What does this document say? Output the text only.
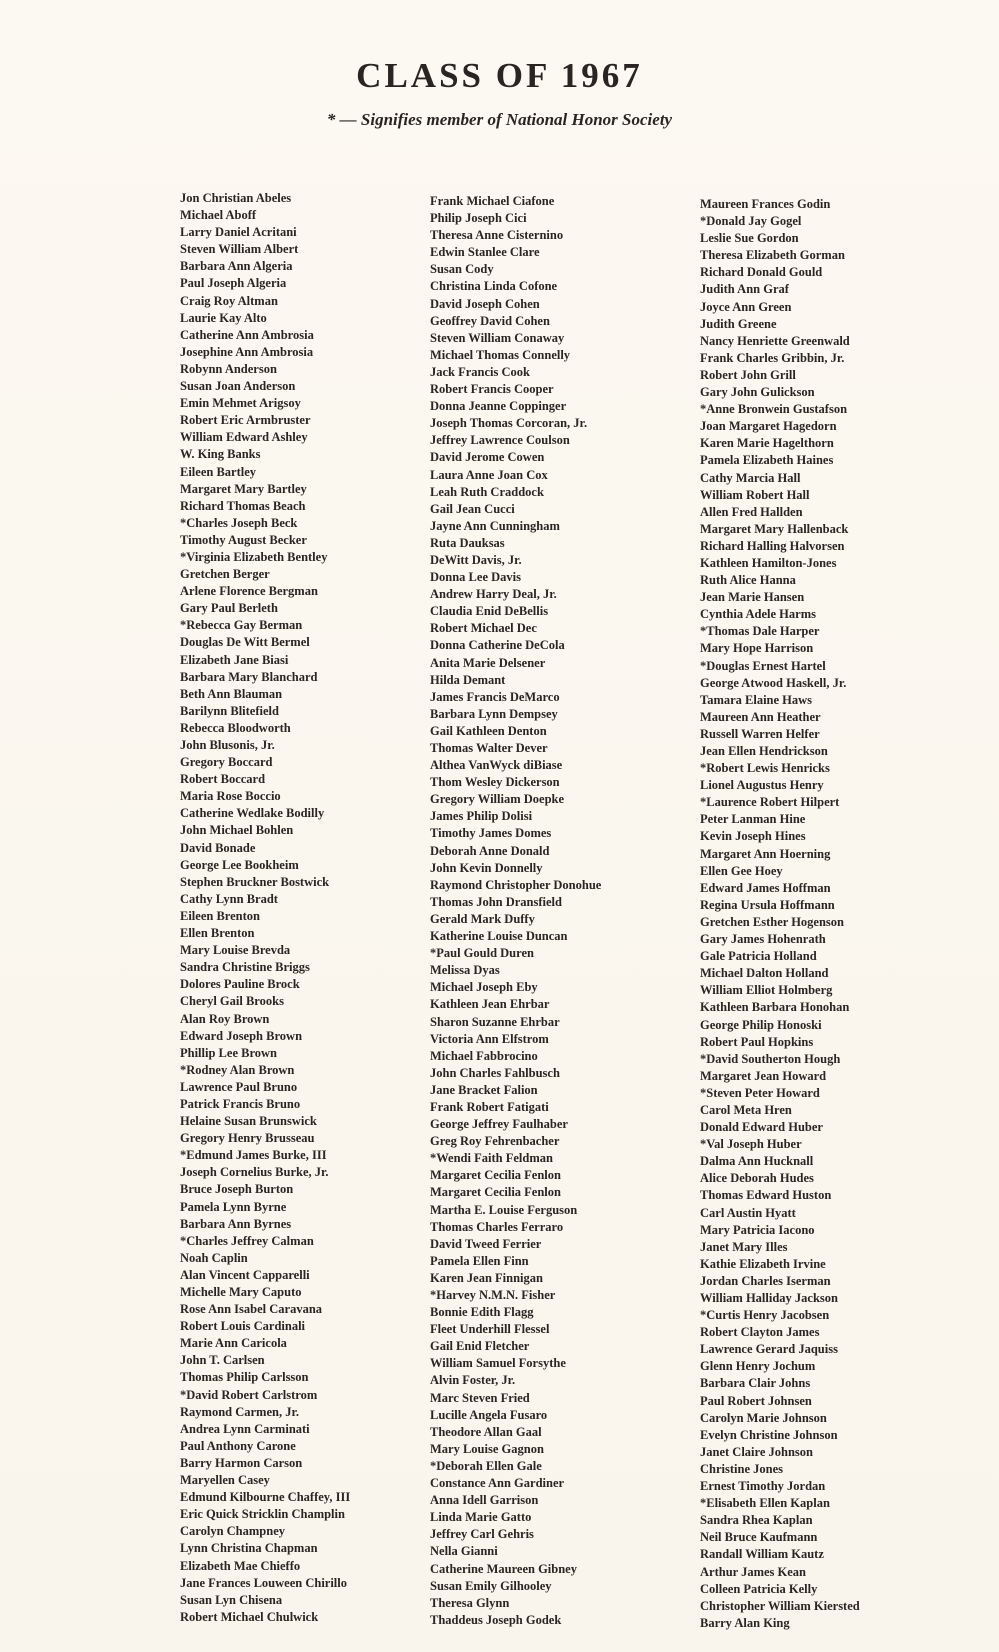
CLASS OF 1967
* — Signifies member of National Honor Society
Jon Christian Abeles
Michael Aboff
Larry Daniel Acritani
Steven William Albert
Barbara Ann Algeria
Paul Joseph Algeria
Craig Roy Altman
Laurie Kay Alto
Catherine Ann Ambrosia
Josephine Ann Ambrosia
Robynn Anderson
Susan Joan Anderson
Emin Mehmet Arigsoy
Robert Eric Armbruster
William Edward Ashley
W. King Banks
Eileen Bartley
Margaret Mary Bartley
Richard Thomas Beach
*Charles Joseph Beck
Timothy August Becker
*Virginia Elizabeth Bentley
Gretchen Berger
Arlene Florence Bergman
Gary Paul Berleth
*Rebecca Gay Berman
Douglas De Witt Bermel
Elizabeth Jane Biasi
Barbara Mary Blanchard
Beth Ann Blauman
Barilynn Blitefield
Rebecca Bloodworth
John Blusonis, Jr.
Gregory Boccard
Robert Boccard
Maria Rose Boccio
Catherine Wedlake Bodilly
John Michael Bohlen
David Bonade
George Lee Bookheim
Stephen Bruckner Bostwick
Cathy Lynn Bradt
Eileen Brenton
Ellen Brenton
Mary Louise Brevda
Sandra Christine Briggs
Dolores Pauline Brock
Cheryl Gail Brooks
Alan Roy Brown
Edward Joseph Brown
Phillip Lee Brown
*Rodney Alan Brown
Lawrence Paul Bruno
Patrick Francis Bruno
Helaine Susan Brunswick
Gregory Henry Brusseau
*Edmund James Burke, III
Joseph Cornelius Burke, Jr.
Bruce Joseph Burton
Pamela Lynn Byrne
Barbara Ann Byrnes
*Charles Jeffrey Calman
Noah Caplin
Alan Vincent Capparelli
Michelle Mary Caputo
Rose Ann Isabel Caravana
Robert Louis Cardinali
Marie Ann Caricola
John T. Carlsen
Thomas Philip Carlsson
*David Robert Carlstrom
Raymond Carmen, Jr.
Andrea Lynn Carminati
Paul Anthony Carone
Barry Harmon Carson
Maryellen Casey
Edmund Kilbourne Chaffey, III
Eric Quick Stricklin Champlin
Carolyn Champney
Lynn Christina Chapman
Elizabeth Mae Chieffo
Jane Frances Louween Chirillo
Susan Lyn Chisena
Robert Michael Chulwick
Frank Michael Ciafone
Philip Joseph Cici
Theresa Anne Cisternino
Edwin Stanlee Clare
Susan Cody
Christina Linda Cofone
David Joseph Cohen
Geoffrey David Cohen
Steven William Conaway
Michael Thomas Connelly
Jack Francis Cook
Robert Francis Cooper
Donna Jeanne Coppinger
Joseph Thomas Corcoran, Jr.
Jeffrey Lawrence Coulson
David Jerome Cowen
Laura Anne Joan Cox
Leah Ruth Craddock
Gail Jean Cucci
Jayne Ann Cunningham
Ruta Dauksas
DeWitt Davis, Jr.
Donna Lee Davis
Andrew Harry Deal, Jr.
Claudia Enid DeBellis
Robert Michael Dec
Donna Catherine DeCola
Anita Marie Delsener
Hilda Demant
James Francis DeMarco
Barbara Lynn Dempsey
Gail Kathleen Denton
Thomas Walter Dever
Althea VanWyck diBiase
Thom Wesley Dickerson
Gregory William Doepke
James Philip Dolisi
Timothy James Domes
Deborah Anne Donald
John Kevin Donnelly
Raymond Christopher Donohue
Thomas John Dransfield
Gerald Mark Duffy
Katherine Louise Duncan
*Paul Gould Duren
Melissa Dyas
Michael Joseph Eby
Kathleen Jean Ehrbar
Sharon Suzanne Ehrbar
Victoria Ann Elfstrom
Michael Fabbrocino
John Charles Fahlbusch
Jane Bracket Falion
Frank Robert Fatigati
George Jeffrey Faulhaber
Greg Roy Fehrenbacher
*Wendi Faith Feldman
Margaret Cecilia Fenlon
Margaret Cecilia Fenlon
Martha E. Louise Ferguson
Thomas Charles Ferraro
David Tweed Ferrier
Pamela Ellen Finn
Karen Jean Finnigan
*Harvey N.M.N. Fisher
Bonnie Edith Flagg
Fleet Underhill Flessel
Gail Enid Fletcher
William Samuel Forsythe
Alvin Foster, Jr.
Marc Steven Fried
Lucille Angela Fusaro
Theodore Allan Gaal
Mary Louise Gagnon
*Deborah Ellen Gale
Constance Ann Gardiner
Anna Idell Garrison
Linda Marie Gatto
Jeffrey Carl Gehris
Nella Gianni
Catherine Maureen Gibney
Susan Emily Gilhooley
Theresa Glynn
Thaddeus Joseph Godek
Maureen Frances Godin
*Donald Jay Gogel
Leslie Sue Gordon
Theresa Elizabeth Gorman
Richard Donald Gould
Judith Ann Graf
Joyce Ann Green
Judith Greene
Nancy Henriette Greenwald
Frank Charles Gribbin, Jr.
Robert John Grill
Gary John Gulickson
*Anne Bronwein Gustafson
Joan Margaret Hagedorn
Karen Marie Hagelthorn
Pamela Elizabeth Haines
Cathy Marcia Hall
William Robert Hall
Allen Fred Hallden
Margaret Mary Hallenback
Richard Halling Halvorsen
Kathleen Hamilton-Jones
Ruth Alice Hanna
Jean Marie Hansen
Cynthia Adele Harms
*Thomas Dale Harper
Mary Hope Harrison
*Douglas Ernest Hartel
George Atwood Haskell, Jr.
Tamara Elaine Haws
Maureen Ann Heather
Russell Warren Helfer
Jean Ellen Hendrickson
*Robert Lewis Henricks
Lionel Augustus Henry
*Laurence Robert Hilpert
Peter Lanman Hine
Kevin Joseph Hines
Margaret Ann Hoerning
Ellen Gee Hoey
Edward James Hoffman
Regina Ursula Hoffmann
Gretchen Esther Hogenson
Gary James Hohenrath
Gale Patricia Holland
Michael Dalton Holland
William Elliot Holmberg
Kathleen Barbara Honohan
George Philip Honoski
Robert Paul Hopkins
*David Southerton Hough
Margaret Jean Howard
*Steven Peter Howard
Carol Meta Hren
Donald Edward Huber
*Val Joseph Huber
Dalma Ann Hucknall
Alice Deborah Hudes
Thomas Edward Huston
Carl Austin Hyatt
Mary Patricia Iacono
Janet Mary Illes
Kathie Elizabeth Irvine
Jordan Charles Iserman
William Halliday Jackson
*Curtis Henry Jacobsen
Robert Clayton James
Lawrence Gerard Jaquiss
Glenn Henry Jochum
Barbara Clair Johns
Paul Robert Johnsen
Carolyn Marie Johnson
Evelyn Christine Johnson
Janet Claire Johnson
Christine Jones
Ernest Timothy Jordan
*Elisabeth Ellen Kaplan
Sandra Rhea Kaplan
Neil Bruce Kaufmann
Randall William Kautz
Arthur James Kean
Colleen Patricia Kelly
Christopher William Kiersted
Barry Alan King
